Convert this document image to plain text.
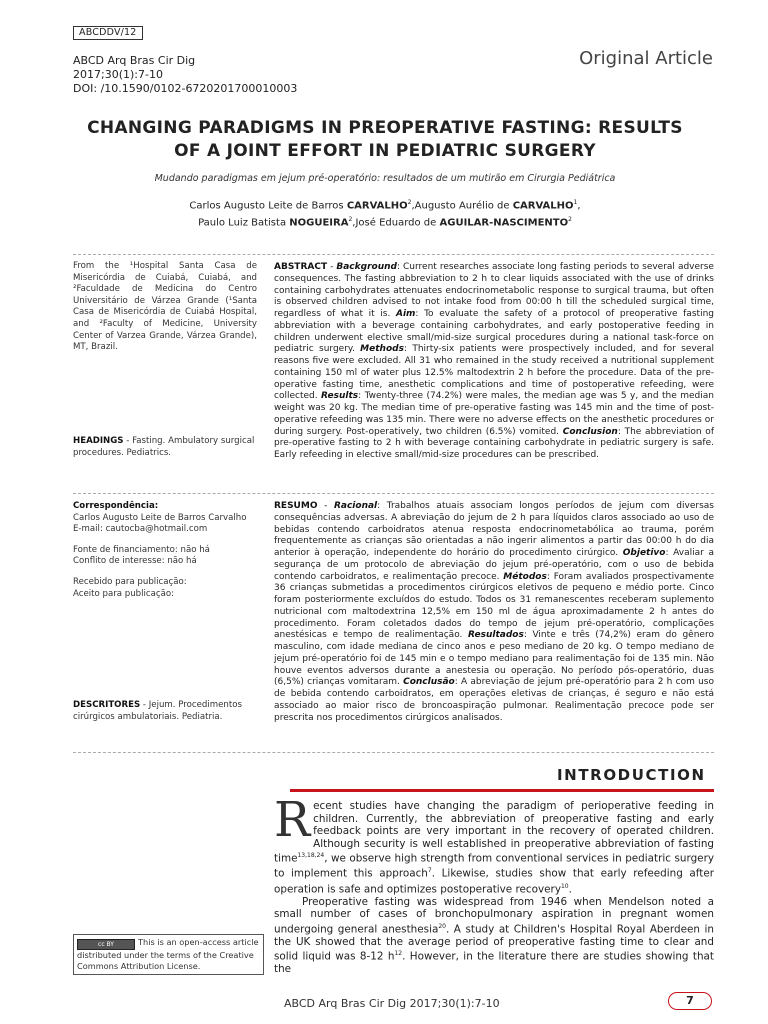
ABCDDV/12
ABCD Arq Bras Cir Dig
2017;30(1):7-10
DOI: /10.1590/0102-6720201700010003
Original Article
CHANGING PARADIGMS IN PREOPERATIVE FASTING: RESULTS
OF A JOINT EFFORT IN PEDIATRIC SURGERY
Mudando paradigmas em jejum pré-operatório: resultados de um mutirão em Cirurgia Pediátrica
Carlos Augusto Leite de Barros CARVALHO$^2$,Augusto Aurélio de CARVALHO$^1$,
Paulo Luiz Batista NOGUEIRA$^2$,José Eduardo de AGUILAR-NASCIMENTO$^2$
From the ¹Hospital Santa Casa de Misericórdia de Cuiabá, Cuiabá, and ²Faculdade de Medicina do Centro Universitário de Várzea Grande (¹Santa Casa de Misericórdia de Cuiabá Hospital, and ²Faculty of Medicine, University Center of Varzea Grande, Várzea Grande), MT, Brazil.
HEADINGS - Fasting. Ambulatory surgical procedures. Pediatrics.
ABSTRACT - Background: Current researches associate long fasting periods to several adverse consequences. The fasting abbreviation to 2 h to clear liquids associated with the use of drinks containing carbohydrates attenuates endocrinometabolic response to surgical trauma, but often is observed children advised to not intake food from 00:00 h till the scheduled surgical time, regardless of what it is. Aim: To evaluate the safety of a protocol of preoperative fasting abbreviation with a beverage containing carbohydrates, and early postoperative feeding in children underwent elective small/mid-size surgical procedures during a national task-force on pediatric surgery. Methods: Thirty-six patients were prospectively included, and for several reasons five were excluded. All 31 who remained in the study received a nutritional supplement containing 150 ml of water plus 12.5% maltodextrin 2 h before the procedure. Data of the pre-operative fasting time, anesthetic complications and time of postoperative refeeding, were collected. Results: Twenty-three (74.2%) were males, the median age was 5 y, and the median weight was 20 kg. The median time of pre-operative fasting was 145 min and the time of post-operative refeeding was 135 min. There were no adverse effects on the anesthetic procedures or during surgery. Post-operatively, two children (6.5%) vomited. Conclusion: The abbreviation of pre-operative fasting to 2 h with beverage containing carbohydrate in pediatric surgery is safe. Early refeeding in elective small/mid-size procedures can be prescribed.
Correspondência:
Carlos Augusto Leite de Barros Carvalho
E-mail: cautocba@hotmail.com
Fonte de financiamento: não há
Conflito de interesse: não há
Recebido para publicação:
Aceito para publicação:
DESCRITORES - Jejum. Procedimentos cirúrgicos ambulatoriais. Pediatria.
RESUMO - Racional: Trabalhos atuais associam longos períodos de jejum com diversas consequências adversas. A abreviação do jejum de 2 h para líquidos claros associado ao uso de bebidas contendo carboidratos atenua resposta endocrinometabólica ao trauma, porém frequentemente as crianças são orientadas a não ingerir alimentos a partir das 00:00 h do dia anterior à operação, independente do horário do procedimento cirúrgico. Objetivo: Avaliar a segurança de um protocolo de abreviação do jejum pré-operatório, com o uso de bebida contendo carboidratos, e realimentação precoce. Métodos: Foram avaliados prospectivamente 36 crianças submetidas a procedimentos cirúrgicos eletivos de pequeno e médio porte. Cinco foram posteriormente excluídos do estudo. Todos os 31 remanescentes receberam suplemento nutricional com maltodextrina 12,5% em 150 ml de água aproximadamente 2 h antes do procedimento. Foram coletados dados do tempo de jejum pré-operatório, complicações anestésicas e tempo de realimentação. Resultados: Vinte e três (74,2%) eram do gênero masculino, com idade mediana de cinco anos e peso mediano de 20 kg. O tempo mediano de jejum pré-operatório foi de 145 min e o tempo mediano para realimentação foi de 135 min. Não houve eventos adversos durante a anestesia ou operação. No período pós-operatório, duas (6,5%) crianças vomitaram. Conclusão: A abreviação de jejum pré-operatório para 2 h com uso de bebida contendo carboidratos, em operações eletivas de crianças, é seguro e não está associado ao maior risco de broncoaspiração pulmonar. Realimentação precoce pode ser prescrita nos procedimentos cirúrgicos analisados.
INTRODUCTION

Recent studies have changing the paradigm of perioperative feeding in children. Currently, the abbreviation of preoperative fasting and early feedback points are very important in the recovery of operated children. Although security is well established in preoperative abbreviation of fasting time$^{13,18,24}$, we observe high strength from conventional services in pediatric surgery to implement this approach$^7$. Likewise, studies show that early refeeding after operation is safe and optimizes postoperative recovery$^{10}$.

Preoperative fasting was widespread from 1946 when Mendelson noted a small number of cases of bronchopulmonary aspiration in pregnant women undergoing general anesthesia$^{20}$. A study at Children's Hospital Royal Aberdeen in the UK showed that the average period of preoperative fasting time to clear and solid liquid was 8-12 $h^{12}$. However, in the literature there are studies showing that the

cc BY	This is an open-access article distributed under the terms of the Creative Commons Attribution License.
ABCD Arq Bras Cir Dig 2017;30(1):7-10	7
